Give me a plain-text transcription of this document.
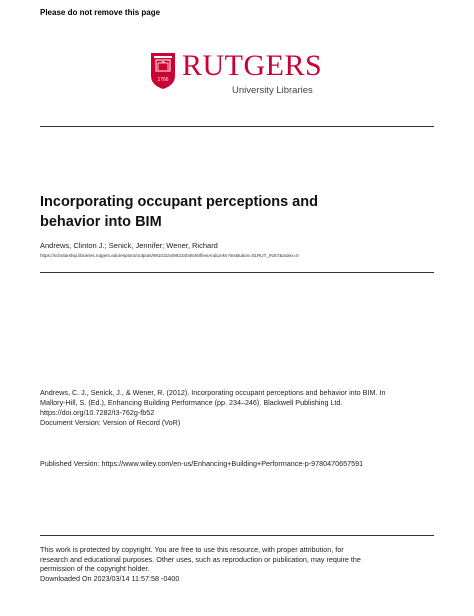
Please do not remove this page
1766 RUTGERS
University Libraries
Incorporating occupant perceptions and
behavior into BIM
Andrews, Clinton J.; Senick, Jennifer; Wener, Richard
https://scholarship.libraries.rutgers.edu/esploro/outputs/991031549923404646/filesAndLinks?institution=01RUT_INST&index=0
Andrews, C. J., Senick, J., & Wener, R. (2012). Incorporating occupant perceptions and behavior into BIM. In
Mallory-Hill, S. (Ed.), Enhancing Building Performance (pp. 234–246). Blackwell Publishing Ltd.
https://doi.org/10.7282/t3-762g-fb52
Document Version: Version of Record (VoR)
Published Version: https://www.wiley.com/en-us/Enhancing+Building+Performance-p-9780470657591
This work is protected by copyright. You are free to use this resource, with proper attribution, for
research and educational purposes. Other uses, such as reproduction or publication, may require the
permission of the copyright holder.
Downloaded On 2023/03/14 11:57:58 -0400
